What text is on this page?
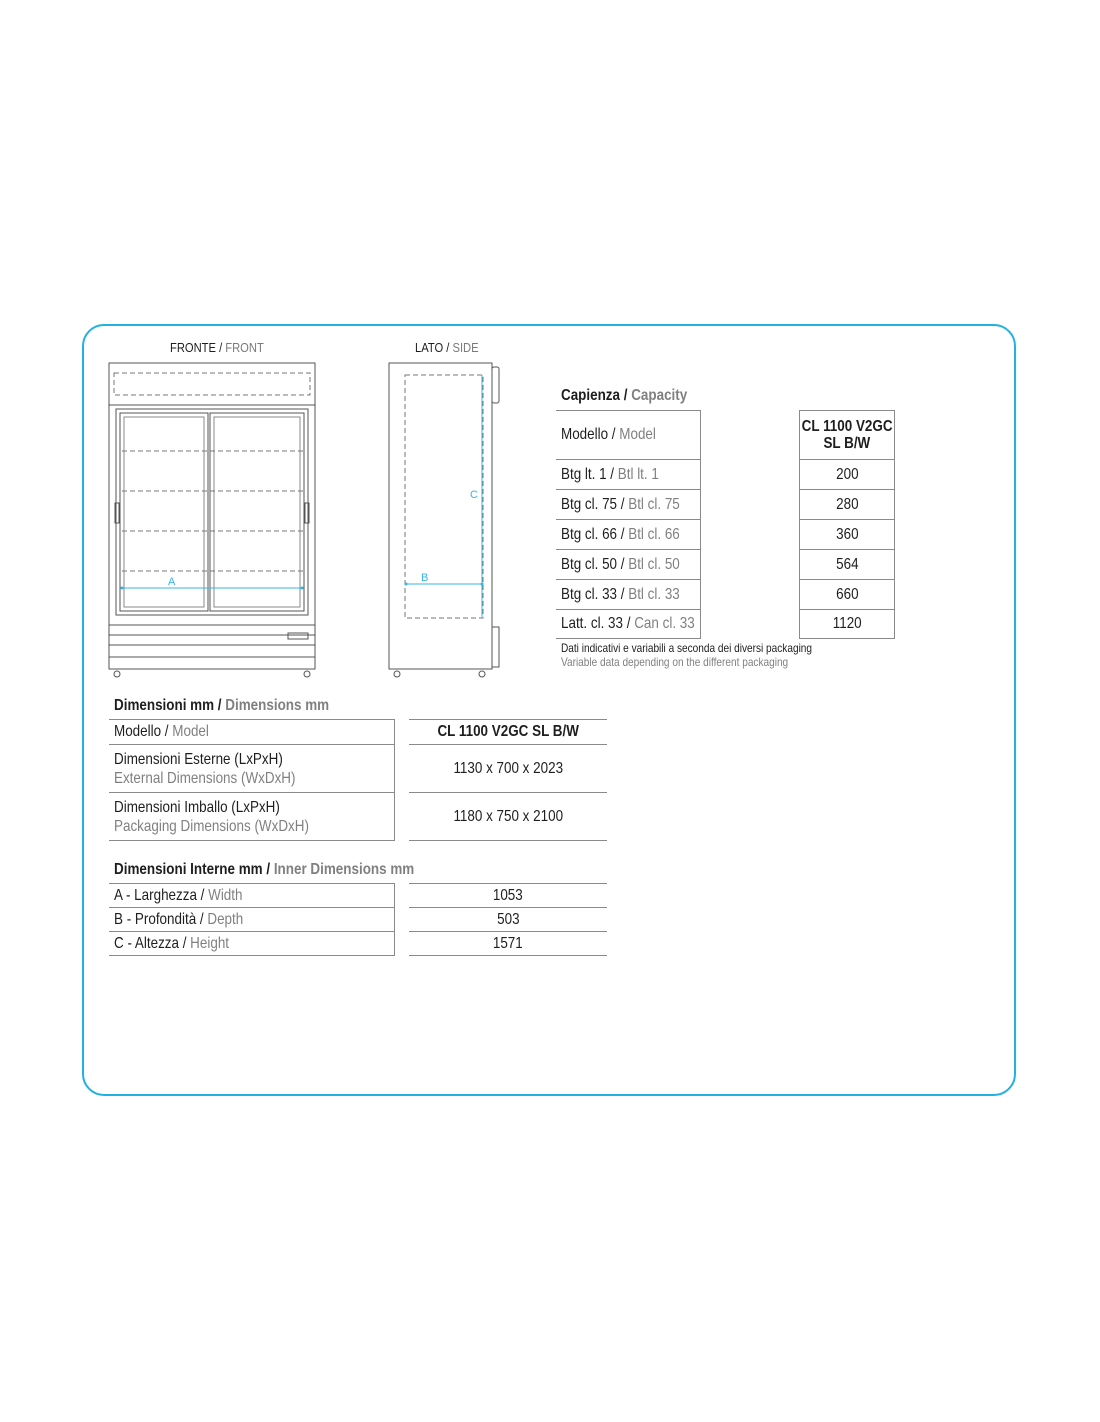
FRONTE / FRONT	LATO / SIDE
A	B
C
Capienza / Capacity
Modello / Model
Btg lt. 1 / Btl lt. 1
Btg cl. 75 / Btl cl. 75
Btg cl. 66 / Btl cl. 66
Btg cl. 50 / Btl cl. 50
Btg cl. 33 / Btl cl. 33
Latt. cl. 33 / Can cl. 33
CL 1100 V2GC
SL B/W
200
280
360
564
660
1120
Dati indicativi e variabili a seconda dei diversi packaging
Variable data depending on the different packaging
Dimensioni mm / Dimensions mm
Modello / Model
Dimensioni Esterne (LxPxH)
External Dimensions (WxDxH)
Dimensioni Imballo (LxPxH)
Packaging Dimensions (WxDxH)
CL 1100 V2GC SL B/W
1130 x 700 x 2023
1180 x 750 x 2100
Dimensioni Interne mm / Inner Dimensions mm
A - Larghezza / Width
B - Profondità / Depth
C - Altezza / Height
1053
503
1571
